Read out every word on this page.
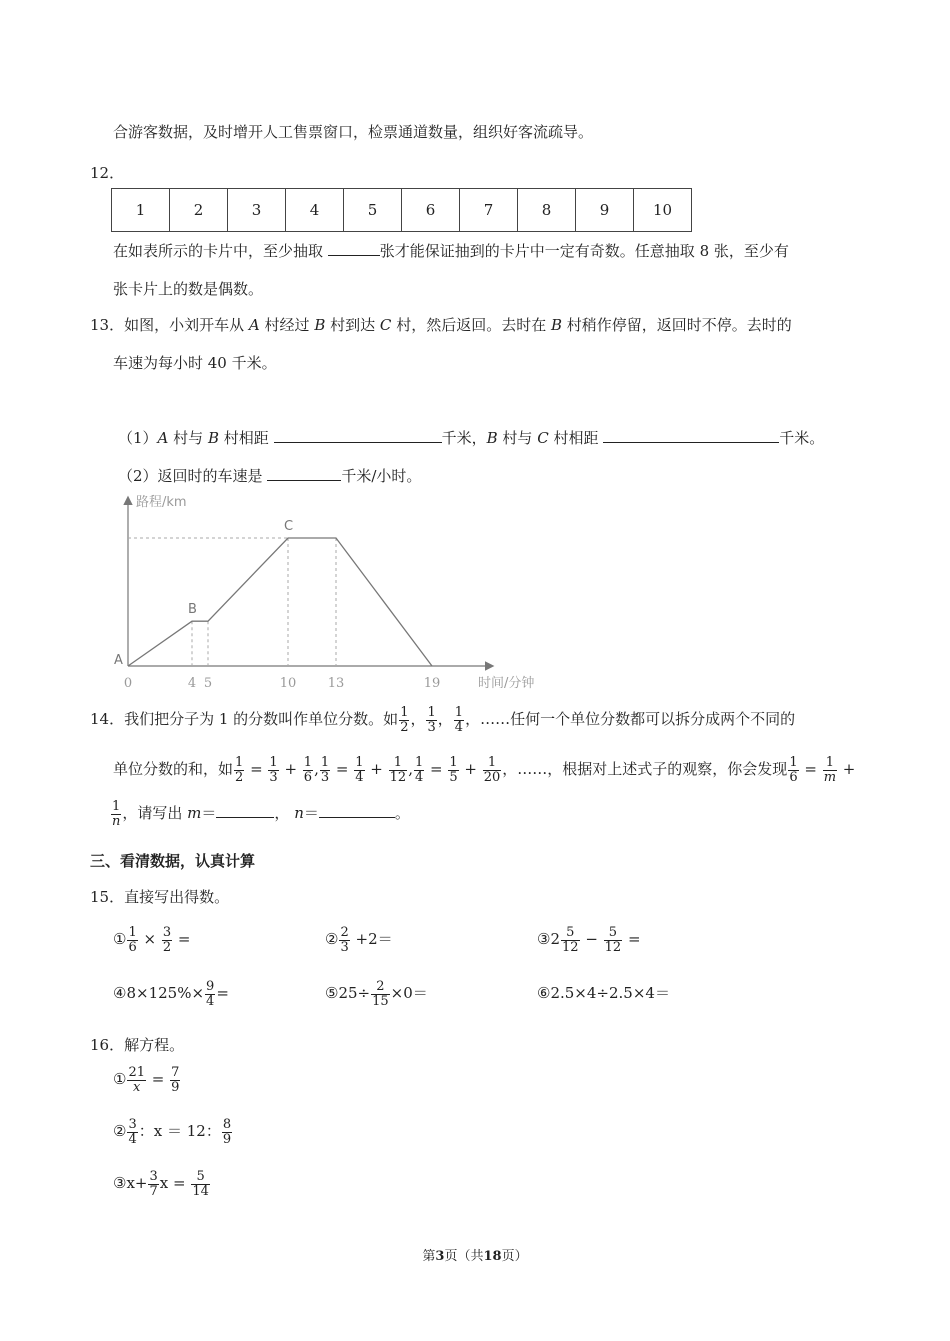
合游客数据，及时增开人工售票窗口，检票通道数量，组织好客流疏导。
12．
1	2	3	4	5	6	7	8	9	10
在如表所示的卡片中，至少抽取	张才能保证抽到的卡片中一定有奇数。任意抽取 8 张，至少有
张卡片上的数是偶数。
13．如图，小刘开车从 A 村经过 B 村到达 C 村，然后返回。去时在 B 村稍作停留，返回时不停。去时的
车速为每小时 40 千米。
（1）A 村与 B 村相距	千米，B 村与 C 村相距	千米。
（2）返回时的车速是	千米/小时。
路程/km
时间/分钟
0	4 5	10 13	19
A
B
C
14．我们把分子为 1 的分数叫作单位分数。如 $\frac{1}{2}$ ， $\frac{1}{3}$ ， $\frac{1}{4}$ ，……任何一个单位分数都可以拆分成两个不同的
单位分数的和，如 $\frac{1}{2} = \frac{1}{3} + \frac{1}{6}$ , $\frac{1}{3} = \frac{1}{4} + \frac{1}{12}$ , $\frac{1}{4} = \frac{1}{5} + \frac{1}{20}$ ，……，根据对上述式子的观察，你会发现 $\frac{1}{6} = \frac{1}{m}$ +
$\frac{1}{n}$ ，请写出 m＝	， n＝	。
三、看清数据，认真计算
15．直接写出得数。
① $\frac{1}{6} \times \frac{3}{2}$ =	② $\frac{2}{3} +2=$	③2 $\frac{5}{12} - \frac{5}{12}$ =
④8×125%× $\frac{9}{4}$ =	⑤25÷ $\frac{2}{15} \times 0=$	⑥2.5×4÷2.5×4＝
16．解方程。
① $\frac{21}{x} = \frac{7}{9}$
② $\frac{3}{4}$ ：x ＝ 12： $\frac{8}{9}$
③x+ $\frac{3}{7}$ $x = \frac{5}{14}$
第3页（共18页）
